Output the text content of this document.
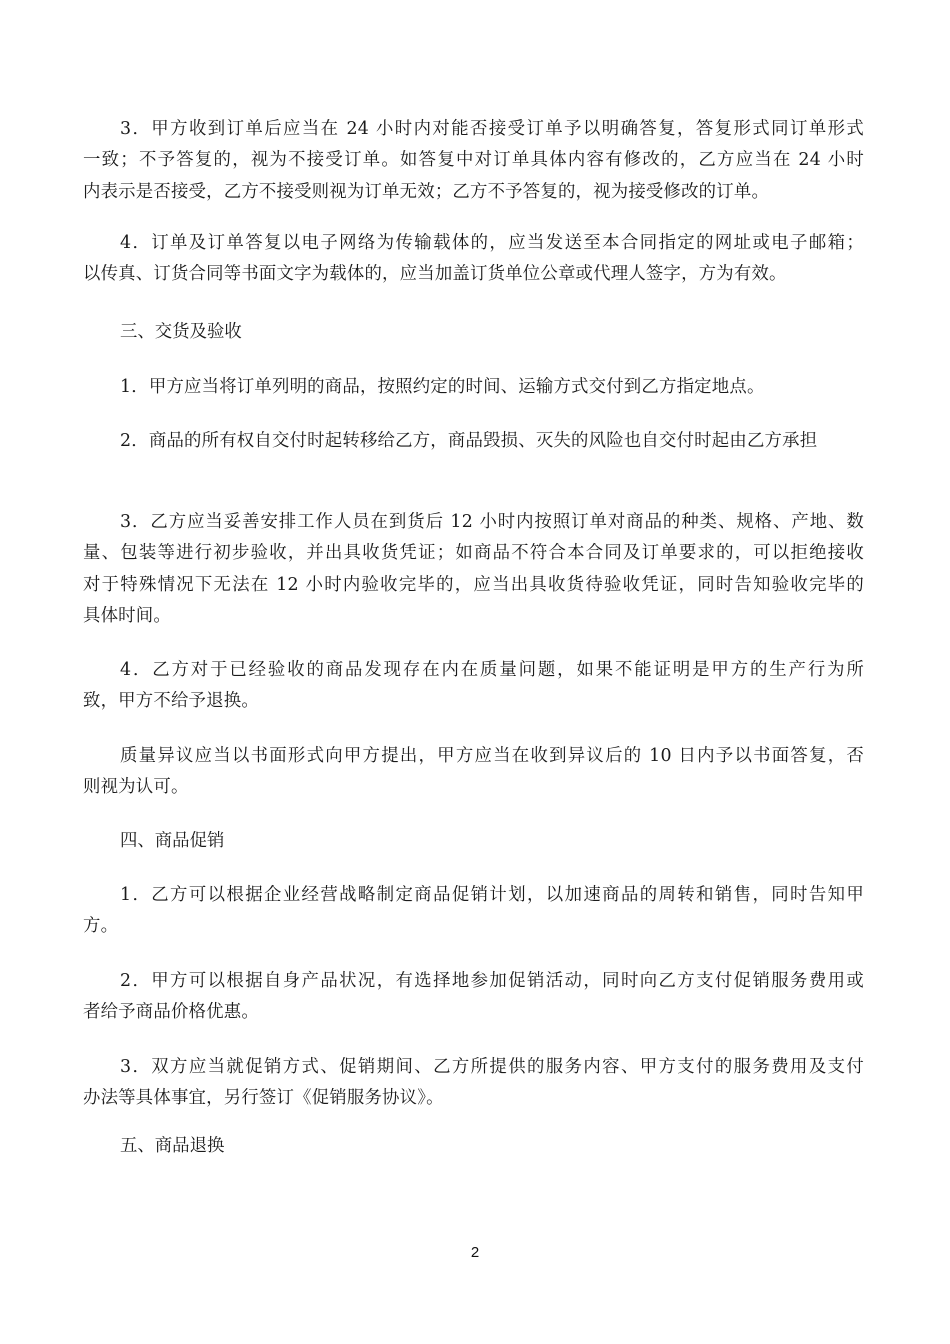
3．甲方收到订单后应当在 24 小时内对能否接受订单予以明确答复，答复形式同订单形式
一致；不予答复的，视为不接受订单。如答复中对订单具体内容有修改的，乙方应当在 24 小时
内表示是否接受，乙方不接受则视为订单无效；乙方不予答复的，视为接受修改的订单。
4．订单及订单答复以电子网络为传输载体的，应当发送至本合同指定的网址或电子邮箱；
以传真、订货合同等书面文字为载体的，应当加盖订货单位公章或代理人签字，方为有效。
三、交货及验收
1．甲方应当将订单列明的商品，按照约定的时间、运输方式交付到乙方指定地点。
2．商品的所有权自交付时起转移给乙方，商品毁损、灭失的风险也自交付时起由乙方承担
3．乙方应当妥善安排工作人员在到货后 12 小时内按照订单对商品的种类、规格、产地、数
量、包装等进行初步验收，并出具收货凭证；如商品不符合本合同及订单要求的，可以拒绝接收
对于特殊情况下无法在 12 小时内验收完毕的，应当出具收货待验收凭证，同时告知验收完毕的
具体时间。
4．乙方对于已经验收的商品发现存在内在质量问题，如果不能证明是甲方的生产行为所
致，甲方不给予退换。
质量异议应当以书面形式向甲方提出，甲方应当在收到异议后的 10 日内予以书面答复，否
则视为认可。
四、商品促销
1．乙方可以根据企业经营战略制定商品促销计划，以加速商品的周转和销售，同时告知甲
方。
2．甲方可以根据自身产品状况，有选择地参加促销活动，同时向乙方支付促销服务费用或
者给予商品价格优惠。
3．双方应当就促销方式、促销期间、乙方所提供的服务内容、甲方支付的服务费用及支付
办法等具体事宜，另行签订《促销服务协议》。
五、商品退换
2
